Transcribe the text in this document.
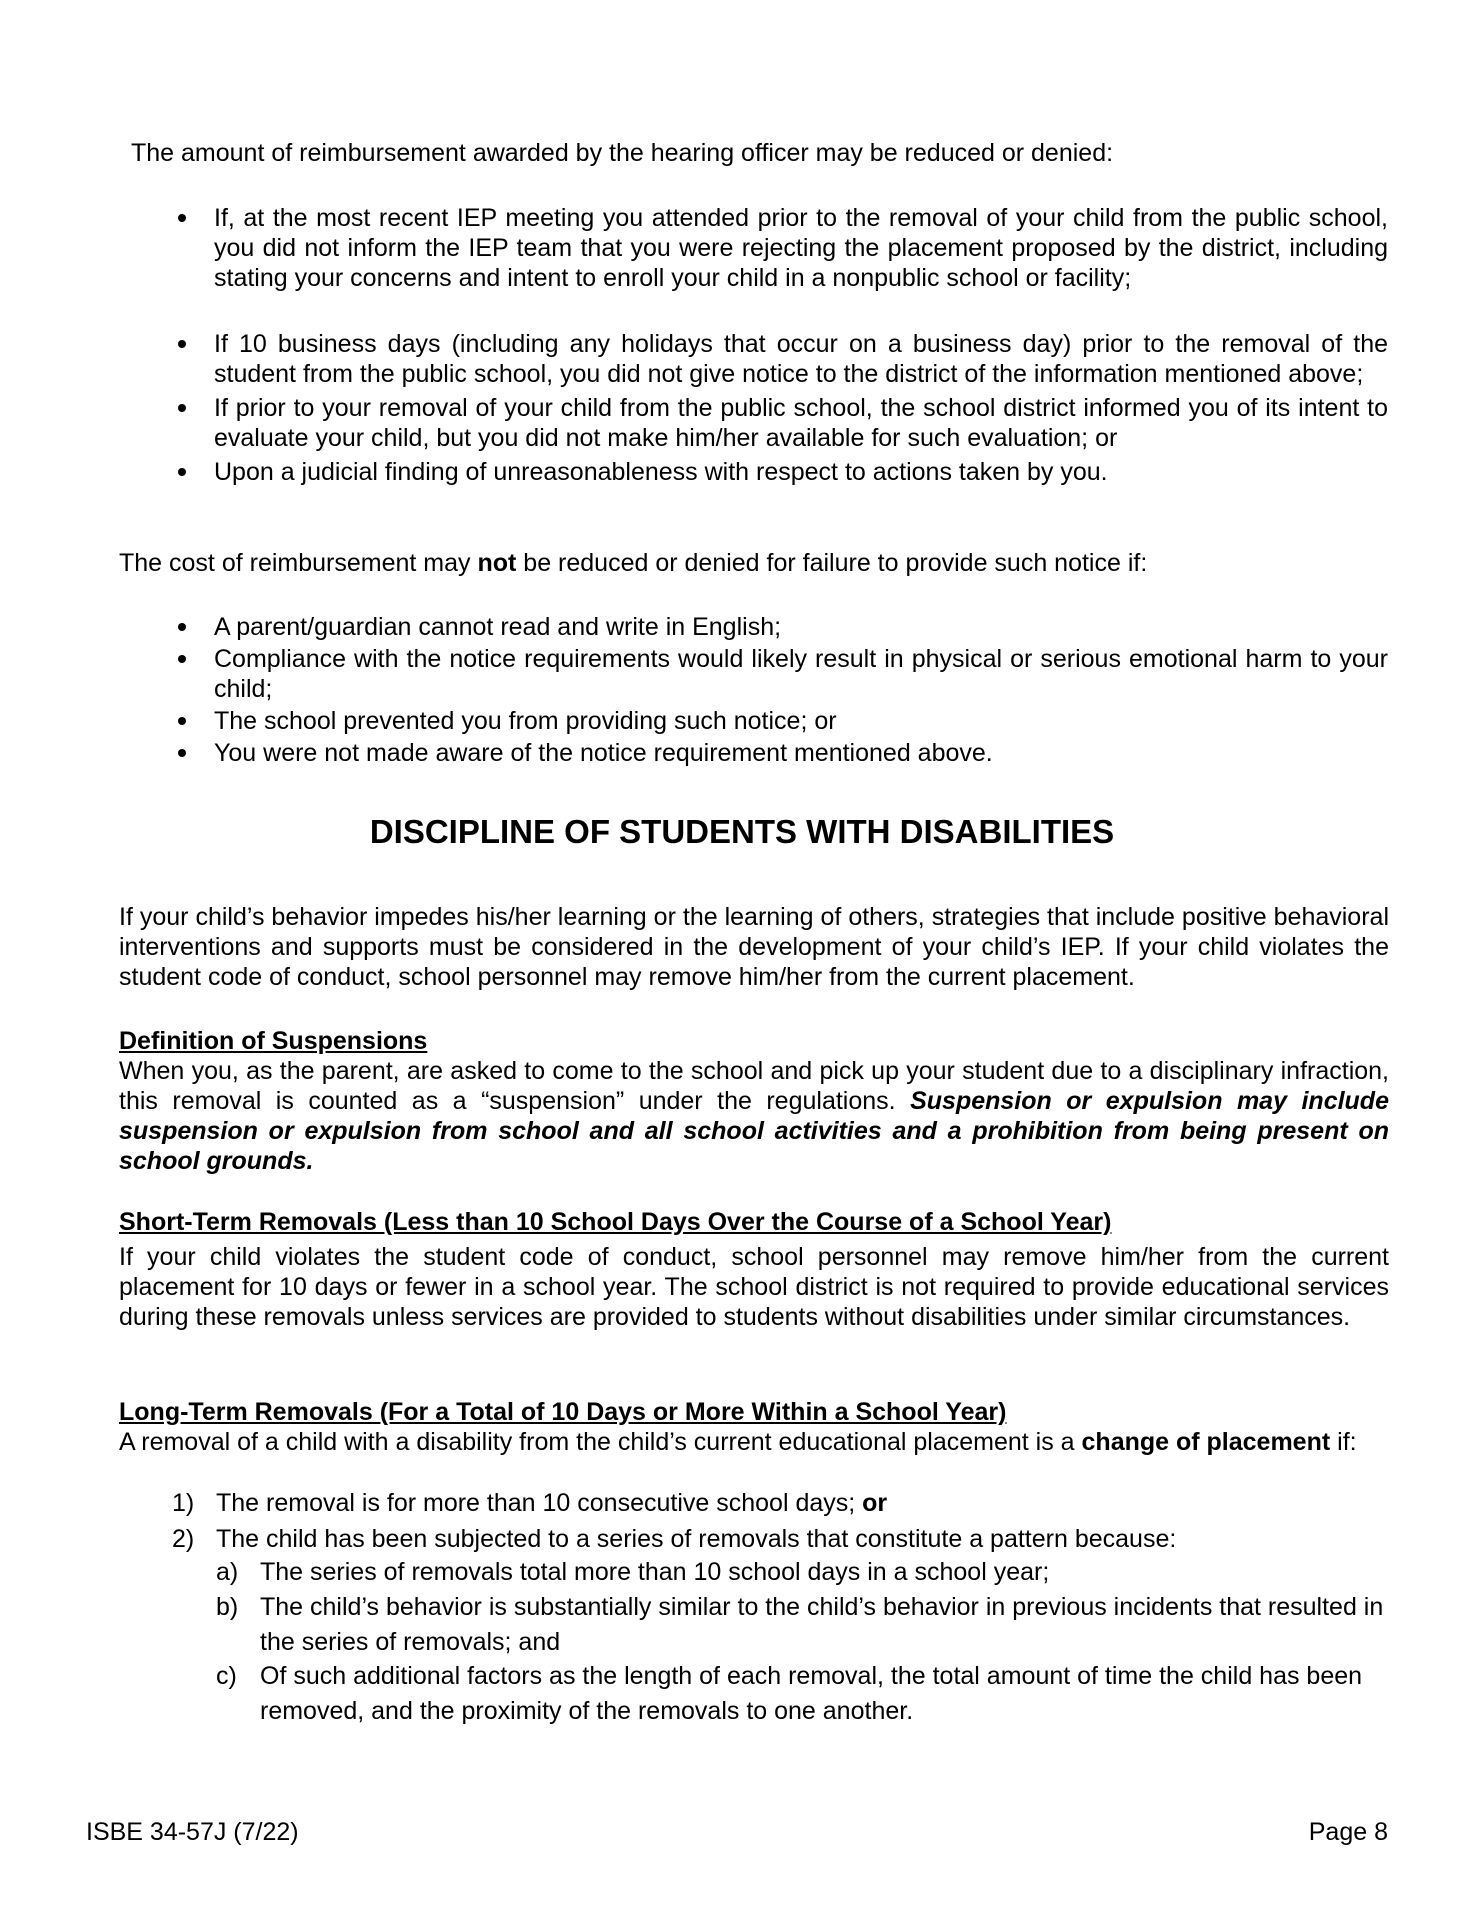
The amount of reimbursement awarded by the hearing officer may be reduced or denied:

If, at the most recent IEP meeting you attended prior to the removal of your child from the public school, you did not inform the IEP team that you were rejecting the placement proposed by the district, including stating your concerns and intent to enroll your child in a nonpublic school or facility;

If 10 business days (including any holidays that occur on a business day) prior to the removal of the student from the public school, you did not give notice to the district of the information mentioned above;

If prior to your removal of your child from the public school, the school district informed you of its intent to evaluate your child, but you did not make him/her available for such evaluation; or

Upon a judicial finding of unreasonableness with respect to actions taken by you.

The cost of reimbursement may not be reduced or denied for failure to provide such notice if:

A parent/guardian cannot read and write in English;

Compliance with the notice requirements would likely result in physical or serious emotional harm to your child;

The school prevented you from providing such notice; or

You were not made aware of the notice requirement mentioned above.

DISCIPLINE OF STUDENTS WITH DISABILITIES

If your child’s behavior impedes his/her learning or the learning of others, strategies that include positive behavioral interventions and supports must be considered in the development of your child’s IEP. If your child violates the student code of conduct, school personnel may remove him/her from the current placement.

Definition of Suspensions
When you, as the parent, are asked to come to the school and pick up your student due to a disciplinary infraction, this removal is counted as a “suspension” under the regulations. Suspension or expulsion may include suspension or expulsion from school and all school activities and a prohibition from being present on school grounds.

Short-Term Removals (Less than 10 School Days Over the Course of a School Year)

If your child violates the student code of conduct, school personnel may remove him/her from the current placement for 10 days or fewer in a school year. The school district is not required to provide educational services during these removals unless services are provided to students without disabilities under similar circumstances.

Long-Term Removals (For a Total of 10 Days or More Within a School Year)
A removal of a child with a disability from the child’s current educational placement is a change of placement if:

1) The removal is for more than 10 consecutive school days; or
2) The child has been subjected to a series of removals that constitute a pattern because:
a) The series of removals total more than 10 school days in a school year;
b) The child’s behavior is substantially similar to the child’s behavior in previous incidents that resulted in the series of removals; and
c) Of such additional factors as the length of each removal, the total amount of time the child has been removed, and the proximity of the removals to one another.
ISBE 34-57J (7/22)	Page 8
